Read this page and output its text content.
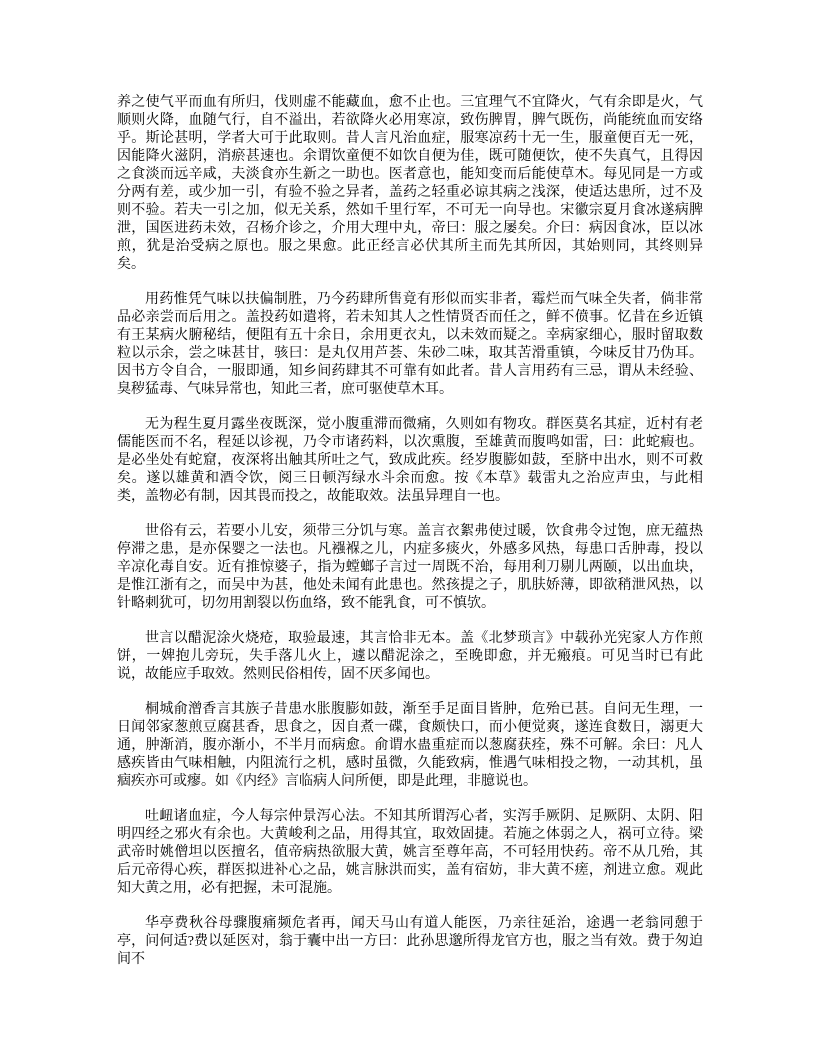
养之使气平而血有所归，伐则虚不能藏血，愈不止也。三宜理气不宜降火，气有余即是火，气顺则火降，血随气行，自不溢出，若欲降火必用寒凉，致伤脾胃，脾气既伤，尚能统血而安络乎。斯论甚明，学者大可于此取则。昔人言凡治血症，服寒凉药十无一生，服童便百无一死，因能降火滋阴，消瘀甚速也。余谓饮童便不如饮自便为佳，既可随便饮，使不失真气，且得因之食淡而远辛咸，夫淡食亦生新之一助也。医者意也，能知变而后能使草木。每见同是一方或分两有差，或少加一引，有验不验之异者，盖药之轻重必谅其病之浅深，使适达患所，过不及则不验。若夫一引之加，似无关系，然如千里行军，不可无一向导也。宋徽宗夏月食冰遂病脾泄，国医进药未效，召杨介诊之，介用大理中丸，帝曰：服之屡矣。介曰：病因食冰，臣以冰煎，犹是治受病之原也。服之果愈。此正经言必伏其所主而先其所因，其始则同，其终则异矣。

用药惟凭气味以扶偏制胜，乃今药肆所售竟有形似而实非者，霉烂而气味全失者，倘非常品必亲尝而后用之。盖投药如遣将，若未知其人之性情贤否而任之，鲜不偾事。忆昔在乡近镇有王某病火腑秘结，便阻有五十余日，余用更衣丸，以未效而疑之。幸病家细心，服时留取数粒以示余，尝之味甚甘，骇曰：是丸仅用芦荟、朱砂二味，取其苦滑重镇，今味反甘乃伪耳。因书方令自合，一服即通，知乡间药肆其不可靠有如此者。昔人言用药有三忌，谓从未经验、臭秽猛毒、气味异常也，知此三者，庶可驱使草木耳。

无为程生夏月露坐夜既深，觉小腹重滞而微痛，久则如有物攻。群医莫名其症，近村有老儒能医而不名，程延以诊视，乃令市诸药料，以次熏腹，至雄黄而腹鸣如雷，曰：此蛇瘕也。是必坐处有蛇窟，夜深将出触其所吐之气，致成此疾。经岁腹膨如鼓，至脐中出水，则不可救矣。遂以雄黄和酒令饮，阅三日顿泻绿水斗余而愈。按《本草》载雷丸之治应声虫，与此相类，盖物必有制，因其畏而投之，故能取效。法虽异理自一也。

世俗有云，若要小儿安，须带三分饥与寒。盖言衣絮弗使过暖，饮食弗令过饱，庶无蕴热停滞之患，是亦保婴之一法也。凡襁褓之儿，内症多痰火，外感多风热，每患口舌肿毒，投以辛凉化毒自安。近有推惊婆子，指为螳螂子言过一周既不治，每用利刀剔儿两颐，以出血块，是惟江浙有之，而吴中为甚，他处未闻有此患也。然孩提之子，肌肤娇薄，即欲稍泄风热，以针略刺犹可，切勿用割裂以伤血络，致不能乳食，可不慎欤。

世言以醋泥涂火烧疮，取验最速，其言恰非无本。盖《北梦琐言》中载孙光宪家人方作煎饼，一婢抱儿旁玩，失手落儿火上，遽以醋泥涂之，至晚即愈，并无瘢痕。可见当时已有此说，故能应手取效。然则民俗相传，固不厌多闻也。

桐城俞潧香言其族子昔患水胀腹膨如鼓，渐至手足面目皆肿，危殆已甚。自问无生理，一日闻邻家葱煎豆腐甚香，思食之，因自煮一碟，食颇快口，而小便觉爽，遂连食数日，溺更大通，肿渐消，腹亦渐小，不半月而病愈。俞谓水蛊重症而以葱腐获痊，殊不可解。余曰：凡人感疾皆由气味相触，内阻流行之机，感时虽微，久能致病，惟遇气味相投之物，一动其机，虽痼疾亦可或瘳。如《内经》言临病人问所便，即是此理，非臆说也。

吐衄诸血症，今人每宗仲景泻心法。不知其所谓泻心者，实泻手厥阴、足厥阴、太阴、阳明四经之邪火有余也。大黄峻利之品，用得其宜，取效固捷。若施之体弱之人，祸可立待。梁武帝时姚僧坦以医擅名，值帝病热欲服大黄，姚言至尊年高，不可轻用快药。帝不从几殆，其后元帝得心疾，群医拟进补心之品，姚言脉洪而实，盖有宿妨，非大黄不瘥，剂进立愈。观此知大黄之用，必有把握，未可混施。

华亭费秋谷母骤腹痛频危者再，闻天马山有道人能医，乃亲往延治，途遇一老翁同憩于亭，问何适?费以延医对，翁于囊中出一方曰：此孙思邈所得龙官方也，服之当有效。费于匆迫间不
